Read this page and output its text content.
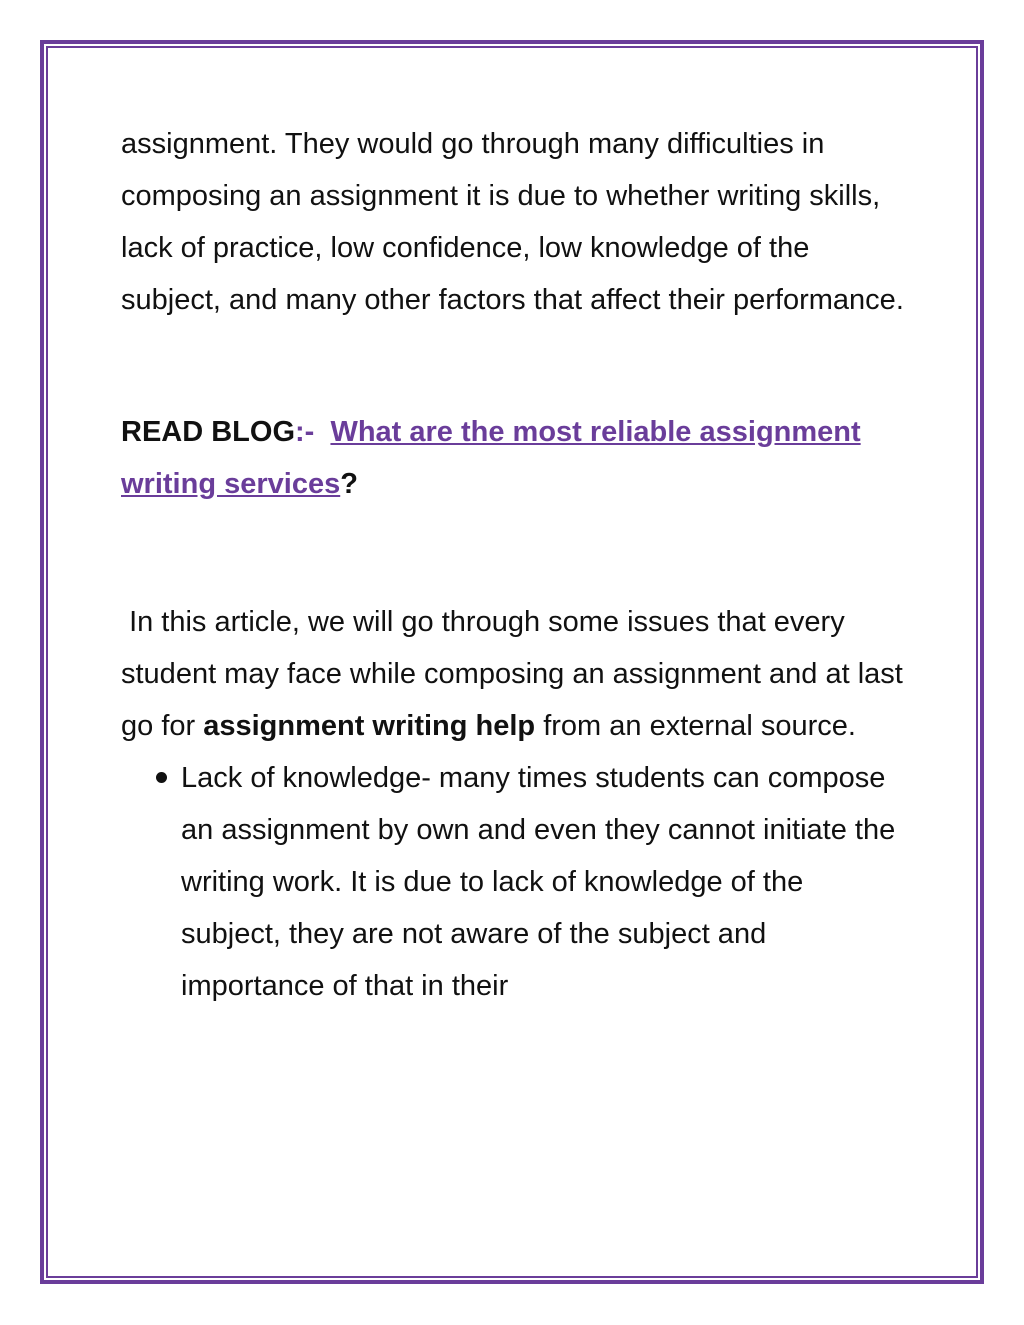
assignment. They would go through many difficulties in composing an assignment it is due to whether writing skills, lack of practice, low confidence, low knowledge of the subject, and many other factors that affect their performance.

READ BLOG:- What are the most reliable assignment writing services?

In this article, we will go through some issues that every student may face while composing an assignment and at last go for assignment writing help from an external source.

Lack of knowledge- many times students can compose an assignment by own and even they cannot initiate the writing work. It is due to lack of knowledge of the subject, they are not aware of the subject and importance of that in their
